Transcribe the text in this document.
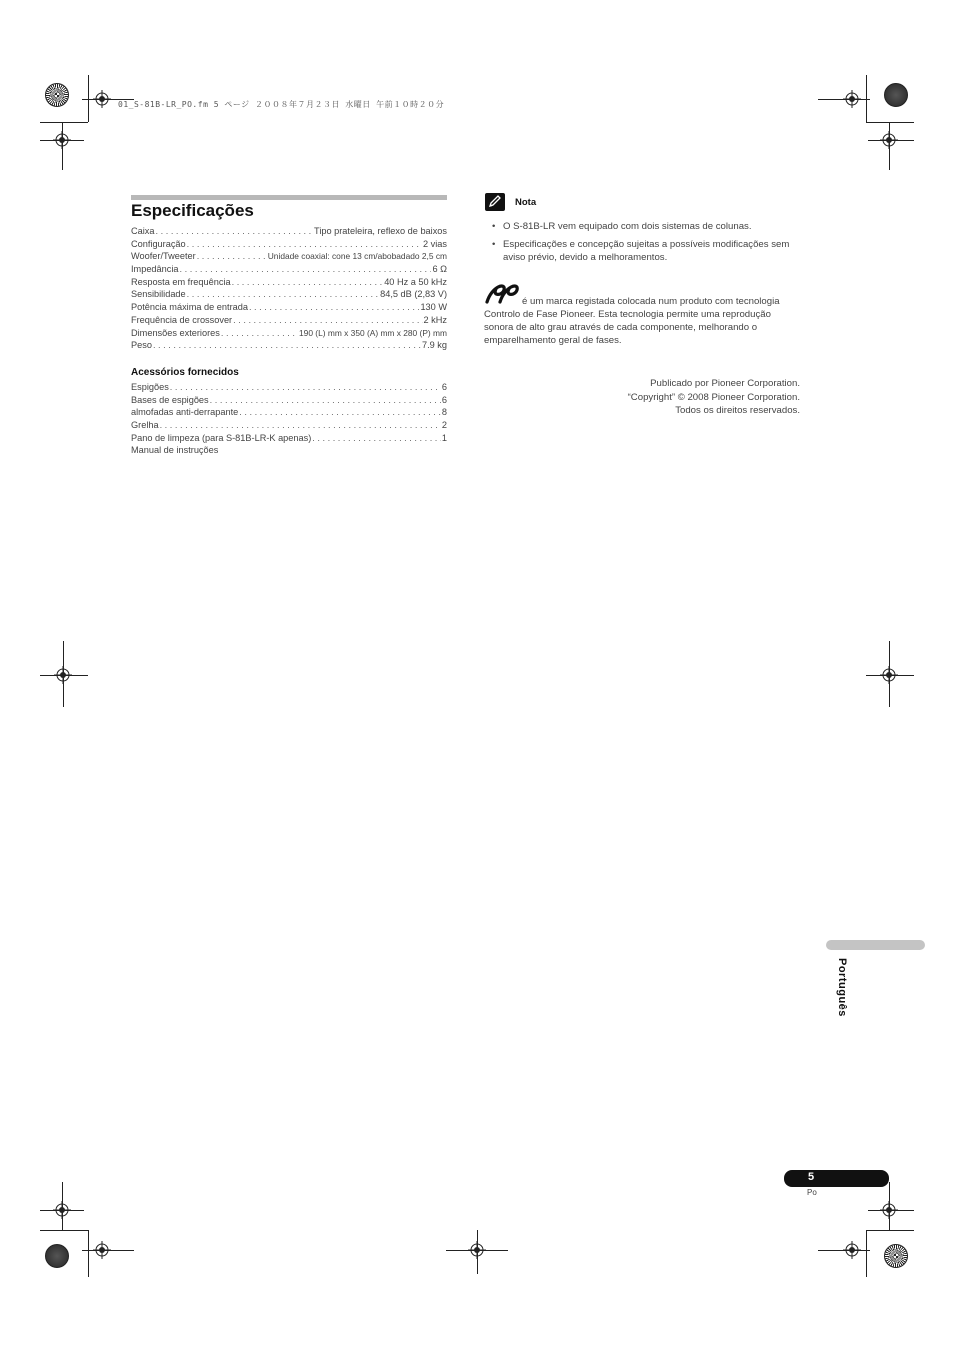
01_S-81B-LR_PO.fm 5 ページ ２００８年７月２３日 水曜日 午前１０時２０分
Especificações
Caixa . . .	Tipo prateleira, reflexo de baixos
Configuração . . .	2 vias
Woofer/Tweeter . . .	Unidade coaxial: cone 13 cm/abobadado 2,5 cm
Impedância . . .	6 Ω
Resposta em frequência . . .	40 Hz a 50 kHz
Sensibilidade . . .	84,5 dB (2,83 V)
Potência máxima de entrada . . .	130 W
Frequência de crossover . . .	2 kHz
Dimensões exteriores . . .	190 (L) mm x 350 (A) mm x 280 (P) mm
Peso . . .	7.9 kg
Acessórios fornecidos
Espigões . . .	6
Bases de espigões . . .	6
almofadas anti-derrapante . . .	8
Grelha . . .	2
Pano de limpeza (para S-81B-LR-K apenas) . . .	1
Manual de instruções
Nota
• O S-81B-LR vem equipado com dois sistemas de colunas.
• Especificações e concepção sujeitas a possíveis modificações sem aviso prévio, devido a melhoramentos.
é um marca registada colocada num produto com tecnologia Controlo de Fase Pioneer. Esta tecnologia permite uma reprodução sonora de alto grau através de cada componente, melhorando o emparelhamento geral de fases.
Publicado por Pioneer Corporation.
“Copyright” © 2008 Pioneer Corporation.
Todos os direitos reservados.
Português
5
Po
